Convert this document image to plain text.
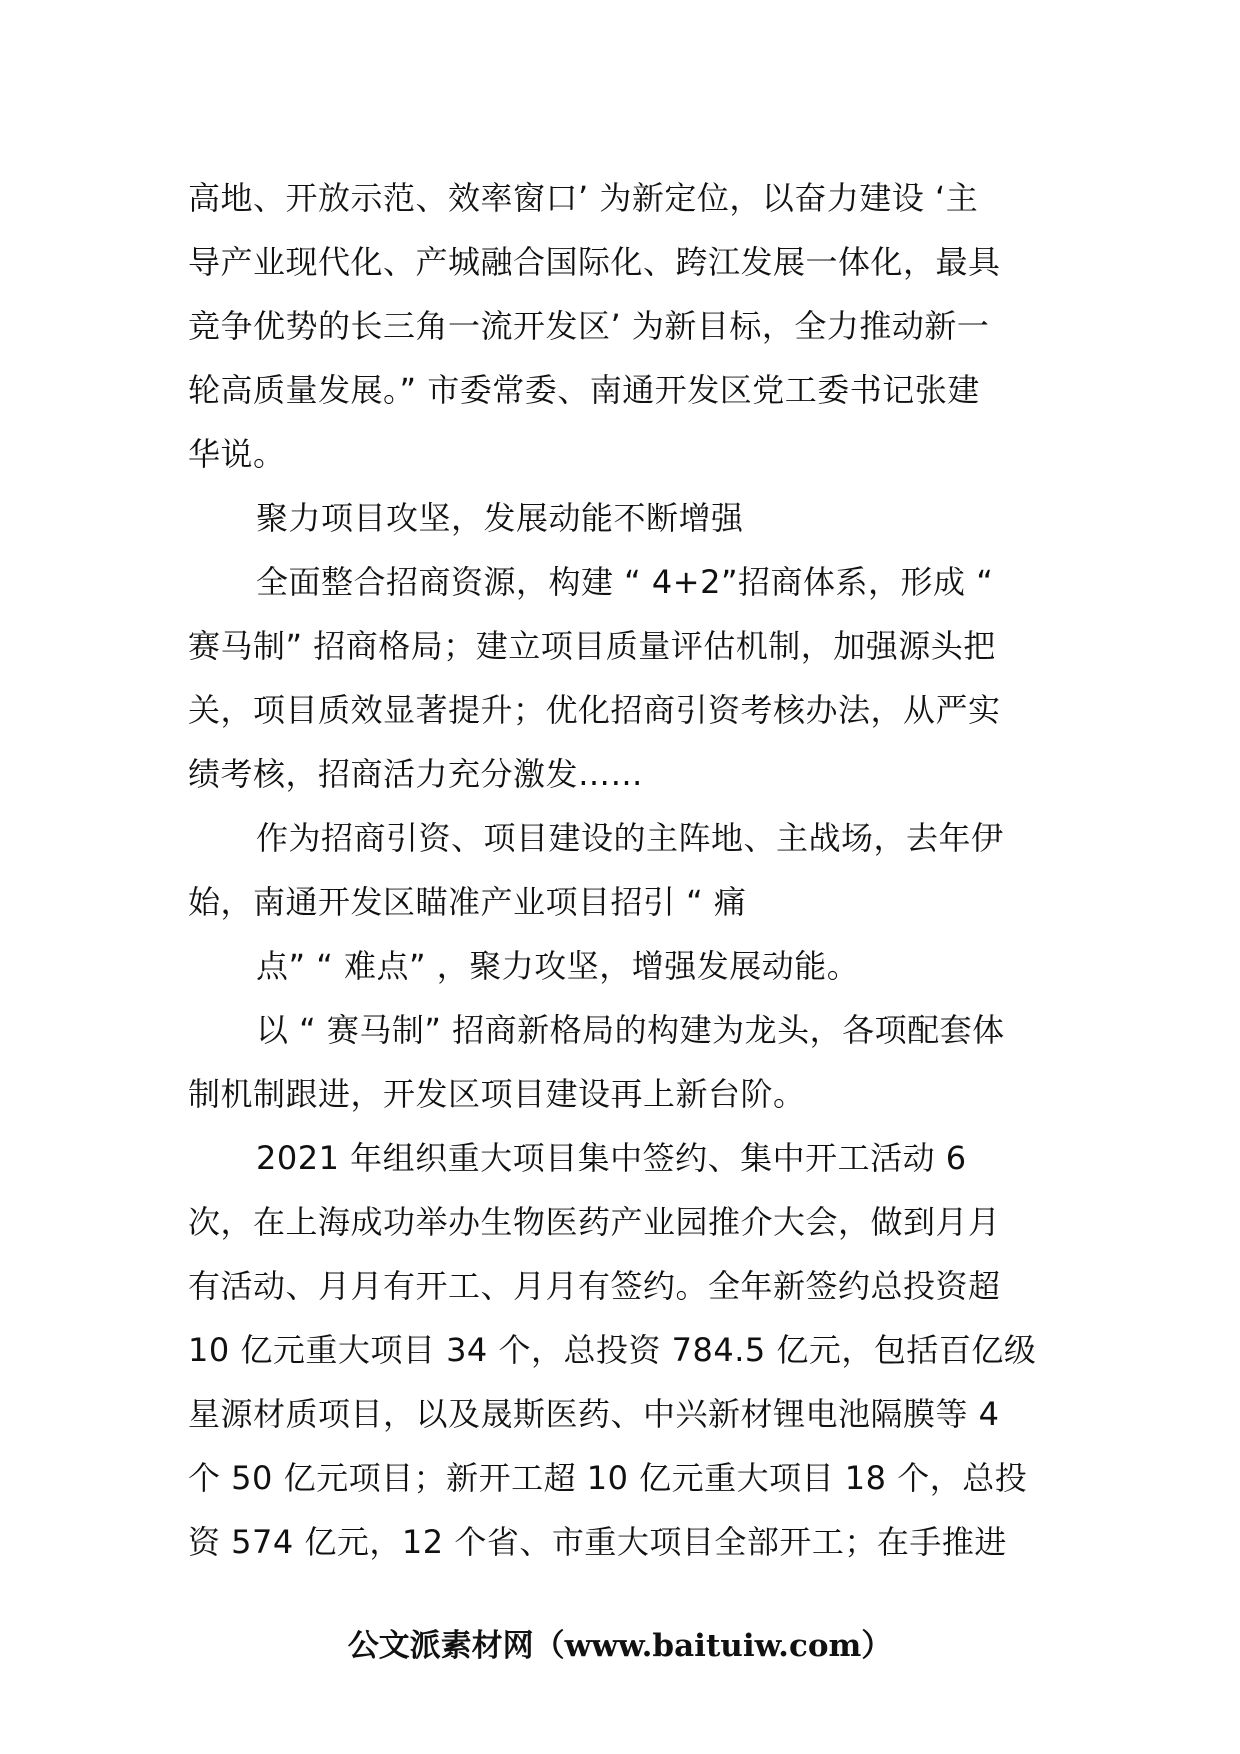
高地、开放示范、效率窗口’ 为新定位，以奋力建设 ‘主
导产业现代化、产城融合国际化、跨江发展一体化，最具
竞争优势的长三角一流开发区’ 为新目标，全力推动新一
轮高质量发展。” 市委常委、南通开发区党工委书记张建
华说。
聚力项目攻坚，发展动能不断增强
全面整合招商资源，构建 “ 4+2”招商体系，形成 “
赛马制” 招商格局；建立项目质量评估机制，加强源头把
关，项目质效显著提升；优化招商引资考核办法，从严实
绩考核，招商活力充分激发……
作为招商引资、项目建设的主阵地、主战场，去年伊
始，南通开发区瞄准产业项目招引 “ 痛
点” “ 难点” ，聚力攻坚，增强发展动能。
以 “ 赛马制” 招商新格局的构建为龙头，各项配套体
制机制跟进，开发区项目建设再上新台阶。
2021 年组织重大项目集中签约、集中开工活动 6
次，在上海成功举办生物医药产业园推介大会，做到月月
有活动、月月有开工、月月有签约。全年新签约总投资超
10 亿元重大项目 34 个，总投资 784.5 亿元，包括百亿级
星源材质项目，以及晟斯医药、中兴新材锂电池隔膜等 4
个 50 亿元项目；新开工超 10 亿元重大项目 18 个，总投
资 574 亿元，12 个省、市重大项目全部开工；在手推进
公文派素材网（www.baituiw.com）
